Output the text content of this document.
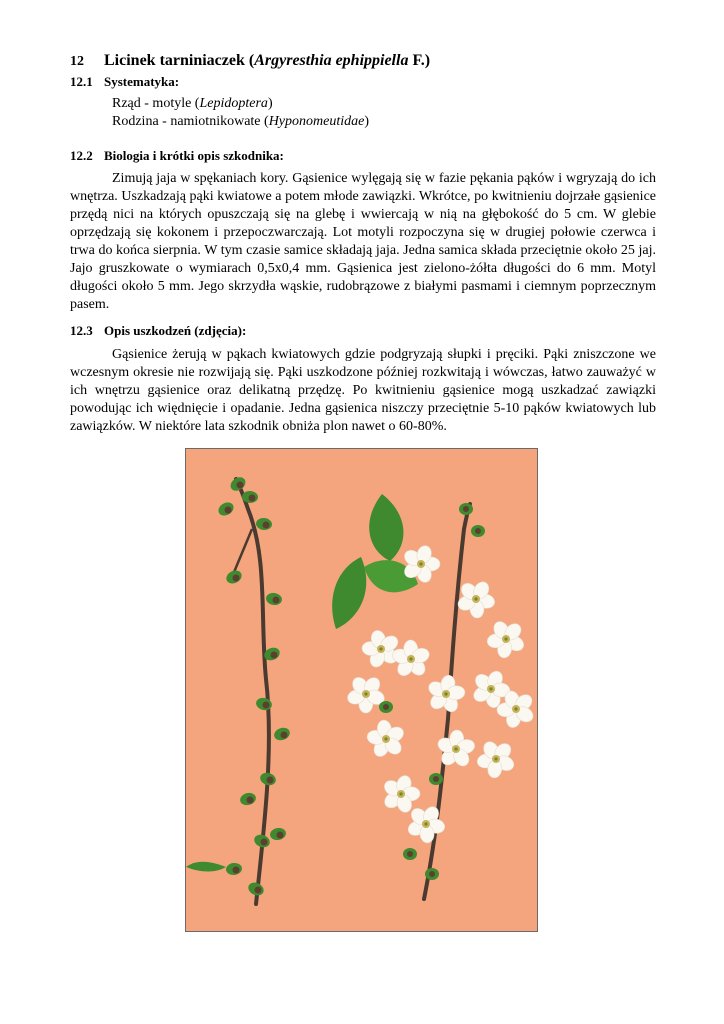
12 Licinek tarniniaczek (Argyresthia ephippiella F.)
12.1 Systematyka:
Rząd - motyle (Lepidoptera)
Rodzina - namiotnikowate (Hyponomeutidae)
12.2 Biologia i krótki opis szkodnika:

Zimują jaja w spękaniach kory. Gąsienice wylęgają się w fazie pękania pąków i wgryzają do ich wnętrza. Uszkadzają pąki kwiatowe a potem młode zawiązki. Wkrótce, po kwitnieniu dojrzałe gąsienice przędą nici na których opuszczają się na glebę i wwiercają w nią na głębokość do 5 cm. W glebie oprzędzają się kokonem i przepoczwarczają. Lot motyli rozpoczyna się w drugiej połowie czerwca i trwa do końca sierpnia. W tym czasie samice składają jaja. Jedna samica składa przeciętnie około 25 jaj. Jajo gruszkowate o wymiarach 0,5x0,4 mm. Gąsienica jest zielono-żółta długości do 6 mm. Motyl długości około 5 mm. Jego skrzydła wąskie, rudobrązowe z białymi pasmami i ciemnym poprzecznym pasem.

12.3 Opis uszkodzeń (zdjęcia):

Gąsienice żerują w pąkach kwiatowych gdzie podgryzają słupki i pręciki. Pąki zniszczone we wczesnym okresie nie rozwijają się. Pąki uszkodzone później rozkwitają i wówczas, łatwo zauważyć w ich wnętrzu gąsienice oraz delikatną przędzę. Po kwitnieniu gąsienice mogą uszkadzać zawiązki powodując ich więdnięcie i opadanie. Jedna gąsienica niszczy przeciętnie 5-10 pąków kwiatowych lub zawiązków. W niektóre lata szkodnik obniża plon nawet o 60-80%.
